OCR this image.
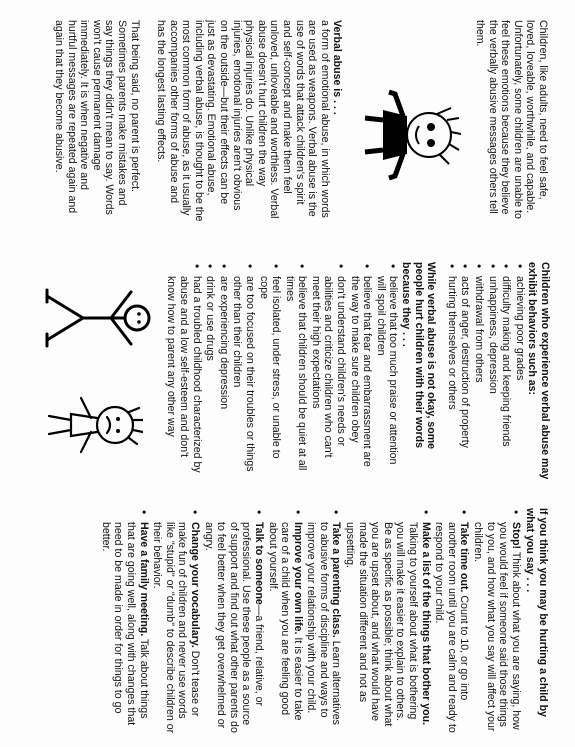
Children, like adults, need to feel safe, loved, loveable, worthwhile, and capable. Unfortunately, some children are unable to feel these emotions because they believe the verbally abusive messages others tell them.

Verbal abuse is . . .
a form of emotional abuse, in which words are used as weapons. Verbal abuse is the use of words that attack children's spirit and self-concept and make them feel unloved, unloveable and worthless. Verbal abuse doesn't hurt children the way physical injuries do. Unlike physical injuries, emotional injuries aren't obvious on the outside—but their effects can be just as devastating. Emotional abuse, including verbal abuse, is thought to be the most common form of abuse, as it usually accompanies other forms of abuse and has the longest lasting effects.

That being said, no parent is perfect. Sometimes parents make mistakes and say things they didn't mean to say. Words won't cause permanent damage immediately. It is when negative and hurtful messages are repeated again and again that they become abusive.

Children who experience verbal abuse may exhibit behaviors such as:
• achieving poor grades
• difficulty making and keeping friends
• unhappiness, depression
• withdrawal from others
• acts of anger, destruction of property
• hurting themselves or others
While verbal abuse is not okay, some people hurt children with their words because they . . .
• believe that too much praise or attention will spoil children
• believe that fear and embarrassment are the way to make sure children obey
• don't understand children's needs or abilities and criticize children who can't meet their high expectations
• believe that children should be quiet at all times
• feel isolated, under stress, or unable to cope
• are too focused on their troubles or things other than their children
• are experiencing depression
• drink or use drugs
• had a troubled childhood characterized by abuse and a low self-esteem and don't know how to parent any other way
If you think you may be hurting a child by what you say . . .
• Stop! Think about what you are saying, how you would feel if someone said those things to you, and how what you say will affect your children.
• Take time out. Count to 10, or go into another room until you are calm and ready to respond to your child.
• Make a list of the things that bother you. Talking to yourself about what is bothering you will make it easier to explain to others. Be as specific as possible; think about what you are upset about, and what would have made the situation different and not as upsetting.
• Take a parenting class. Learn alternatives to abusive forms of discipline and ways to improve your relationship with your child.
• Improve your own life. It is easier to take care of a child when you are feeling good about yourself.
• Talk to someone—a friend, relative, or professional. Use these people as a source of support and find out what other parents do to feel better when they get overwhelmed or angry.
• Change your vocabulary. Don't tease or make fun of children and never use words like "stupid" or "dumb" to describe children or their behavior.
• Have a family meeting. Talk about things that are going well, along with changes that need to be made in order for things to go better.
